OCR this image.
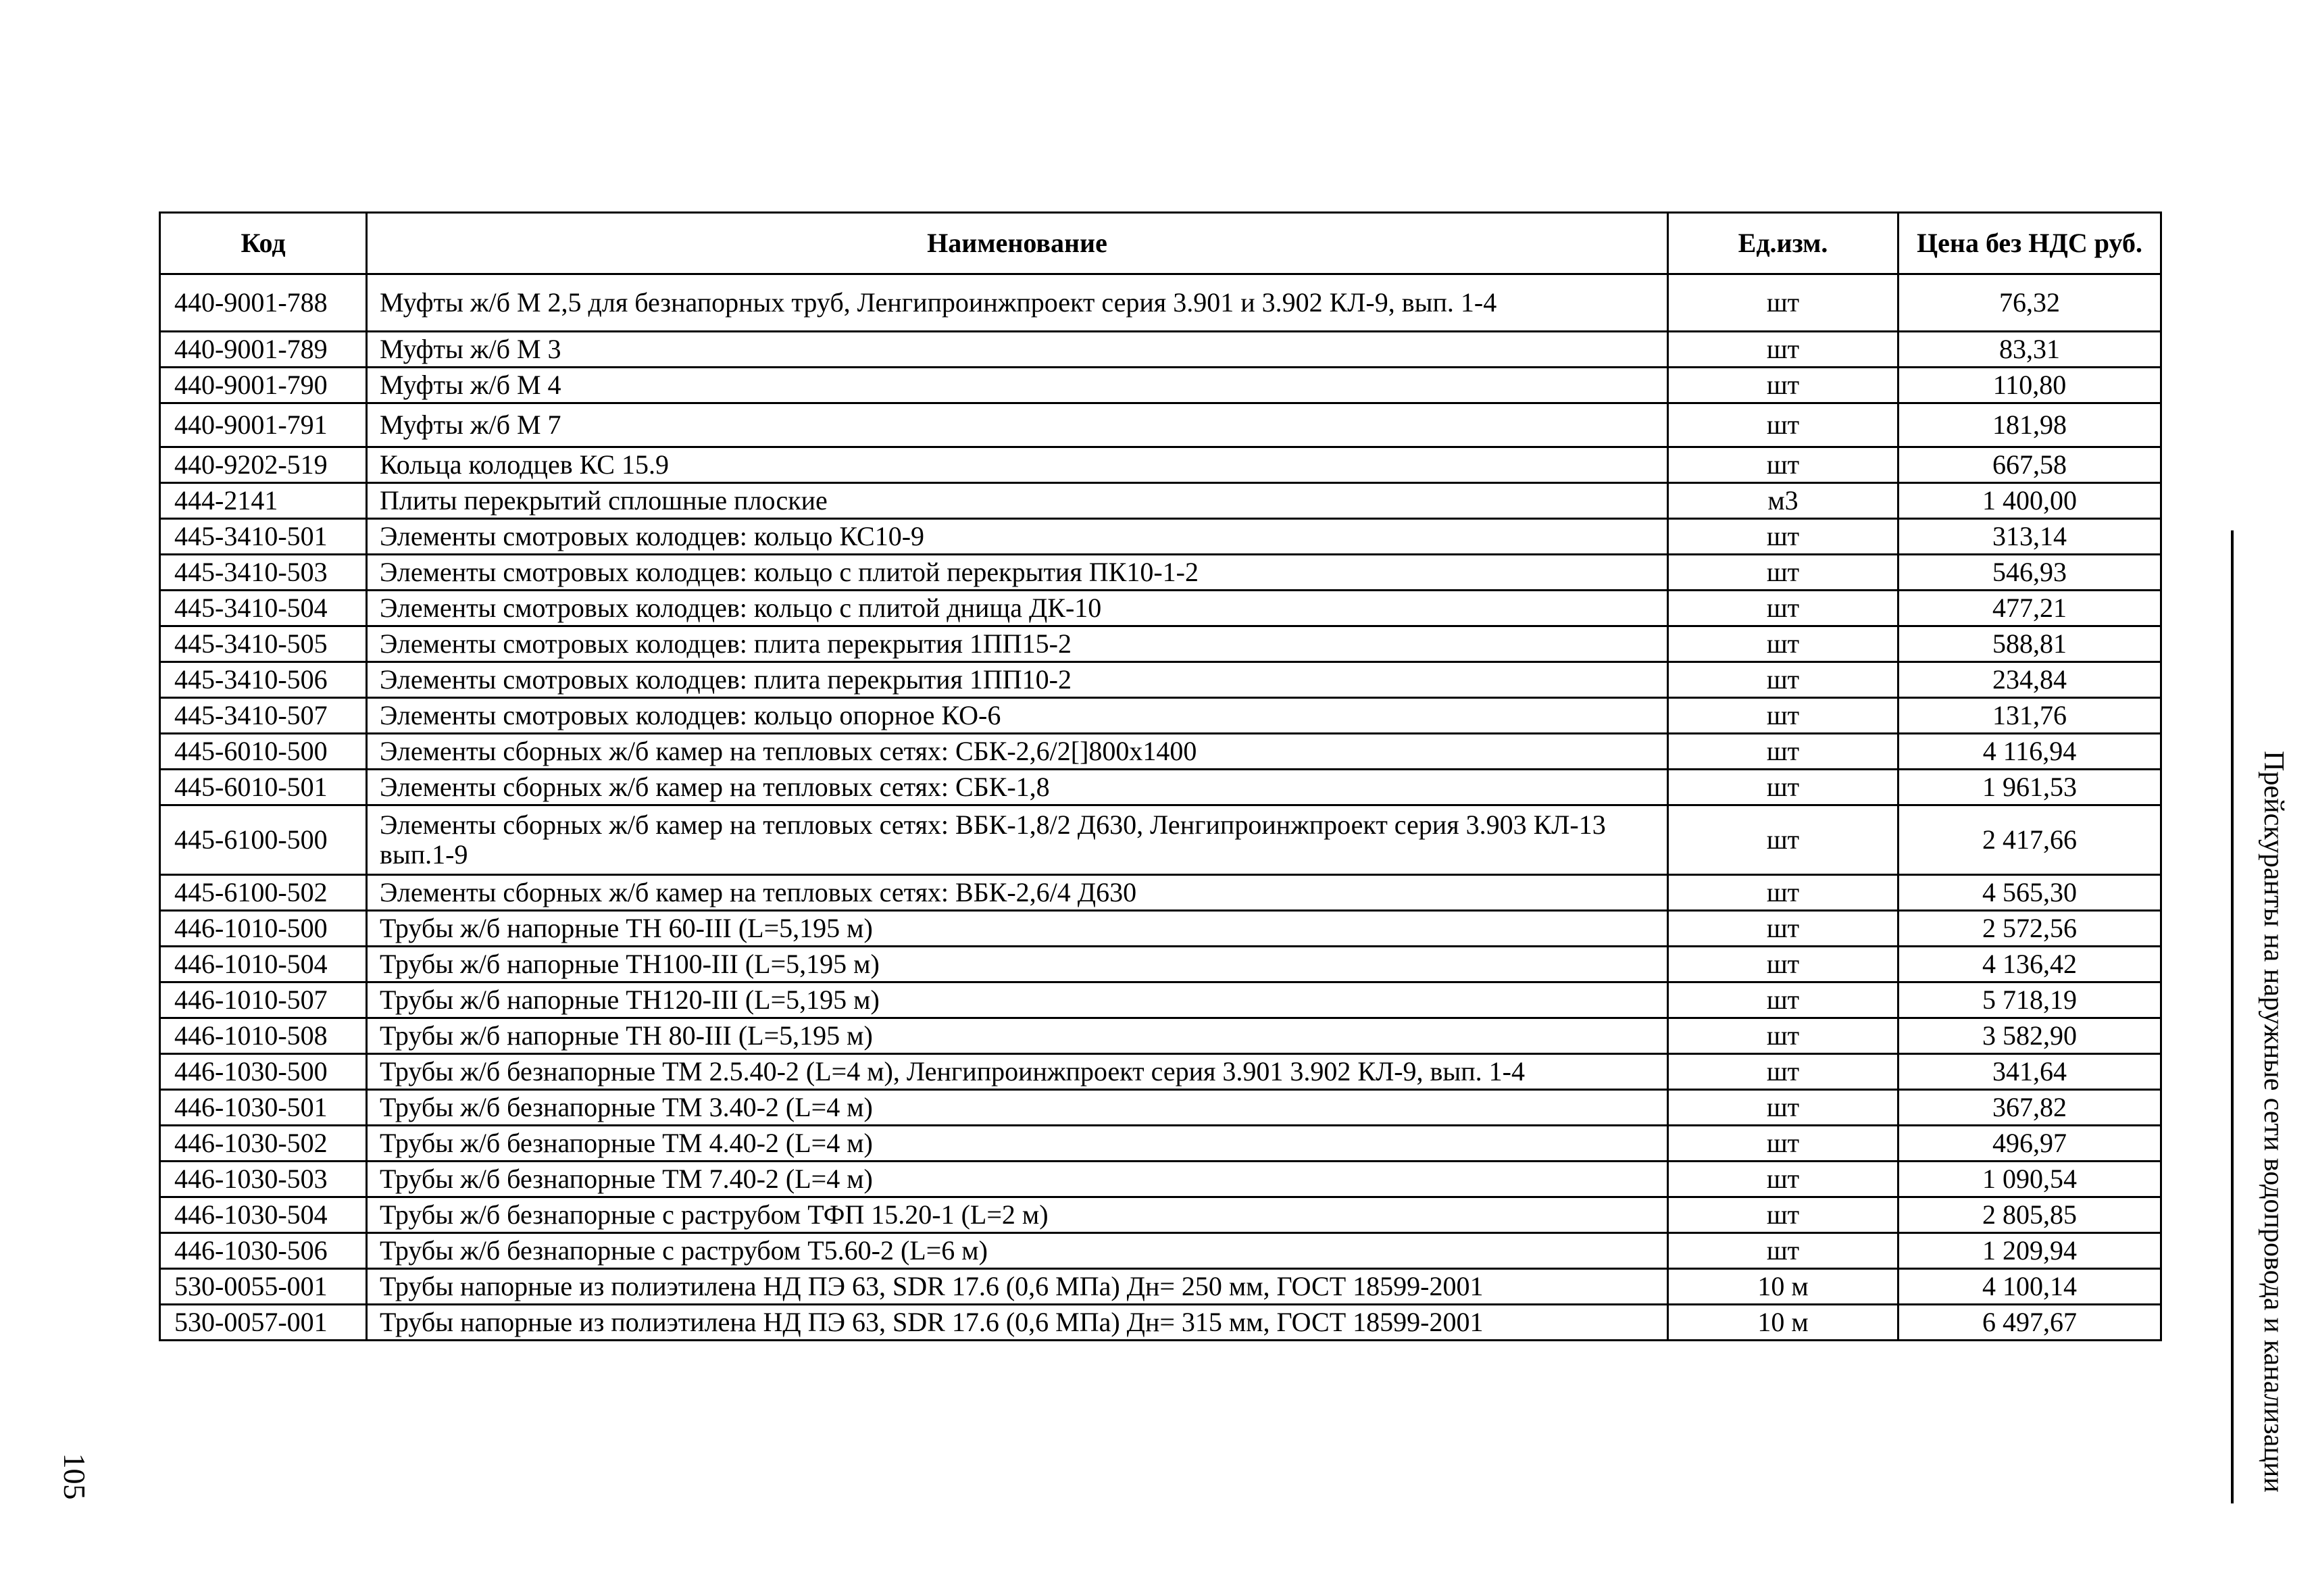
Код	Наименование	Ед.изм.	Цена без НДС руб.
440-9001-788	Муфты ж/б М 2,5 для безнапорных труб, Ленгипроинжпроект серия 3.901 и 3.902 КЛ-9, вып. 1-4	шт	76,32
440-9001-789	Муфты ж/б М 3	шт	83,31
440-9001-790	Муфты ж/б М 4	шт	110,80
440-9001-791	Муфты ж/б М 7	шт	181,98
440-9202-519	Кольца колодцев КС 15.9	шт	667,58
444-2141	Плиты перекрытий сплошные плоские	м3	1 400,00
445-3410-501	Элементы смотровых колодцев: кольцо КС10-9	шт	313,14
445-3410-503	Элементы смотровых колодцев: кольцо с плитой перекрытия ПК10-1-2	шт	546,93
445-3410-504	Элементы смотровых колодцев: кольцо с плитой днища ДК-10	шт	477,21
445-3410-505	Элементы смотровых колодцев: плита перекрытия 1ПП15-2	шт	588,81
445-3410-506	Элементы смотровых колодцев: плита перекрытия 1ПП10-2	шт	234,84
445-3410-507	Элементы смотровых колодцев: кольцо опорное КО-6	шт	131,76
445-6010-500	Элементы сборных ж/б камер на тепловых сетях: СБК-2,6/2[]800х1400	шт	4 116,94
445-6010-501	Элементы сборных ж/б камер на тепловых сетях: СБК-1,8	шт	1 961,53
445-6100-500	Элементы сборных ж/б камер на тепловых сетях: ВБК-1,8/2 Д630, Ленгипроинжпроект серия 3.903 КЛ-13 вып.1-9	шт	2 417,66
445-6100-502	Элементы сборных ж/б камер на тепловых сетях: ВБК-2,6/4 Д630	шт	4 565,30
446-1010-500	Трубы ж/б напорные ТН 60-III (L=5,195 м)	шт	2 572,56
446-1010-504	Трубы ж/б напорные ТН100-III (L=5,195 м)	шт	4 136,42
446-1010-507	Трубы ж/б напорные ТН120-III (L=5,195 м)	шт	5 718,19
446-1010-508	Трубы ж/б напорные ТН 80-III (L=5,195 м)	шт	3 582,90
446-1030-500	Трубы ж/б безнапорные ТМ 2.5.40-2 (L=4 м), Ленгипроинжпроект серия 3.901 3.902 КЛ-9, вып. 1-4	шт	341,64
446-1030-501	Трубы ж/б безнапорные ТМ 3.40-2 (L=4 м)	шт	367,82
446-1030-502	Трубы ж/б безнапорные ТМ 4.40-2 (L=4 м)	шт	496,97
446-1030-503	Трубы ж/б безнапорные ТМ 7.40-2 (L=4 м)	шт	1 090,54
446-1030-504	Трубы ж/б безнапорные с раструбом ТФП 15.20-1 (L=2 м)	шт	2 805,85
446-1030-506	Трубы ж/б безнапорные с раструбом Т5.60-2 (L=6 м)	шт	1 209,94
530-0055-001	Трубы напорные из полиэтилена НД ПЭ 63, SDR 17.6 (0,6 МПа) Дн= 250 мм, ГОСТ 18599-2001	10 м	4 100,14
530-0057-001	Трубы напорные из полиэтилена НД ПЭ 63, SDR 17.6 (0,6 МПа) Дн= 315 мм, ГОСТ 18599-2001	10 м	6 497,67	Прейскуранты на наружные сети водопровода и канализации
105
